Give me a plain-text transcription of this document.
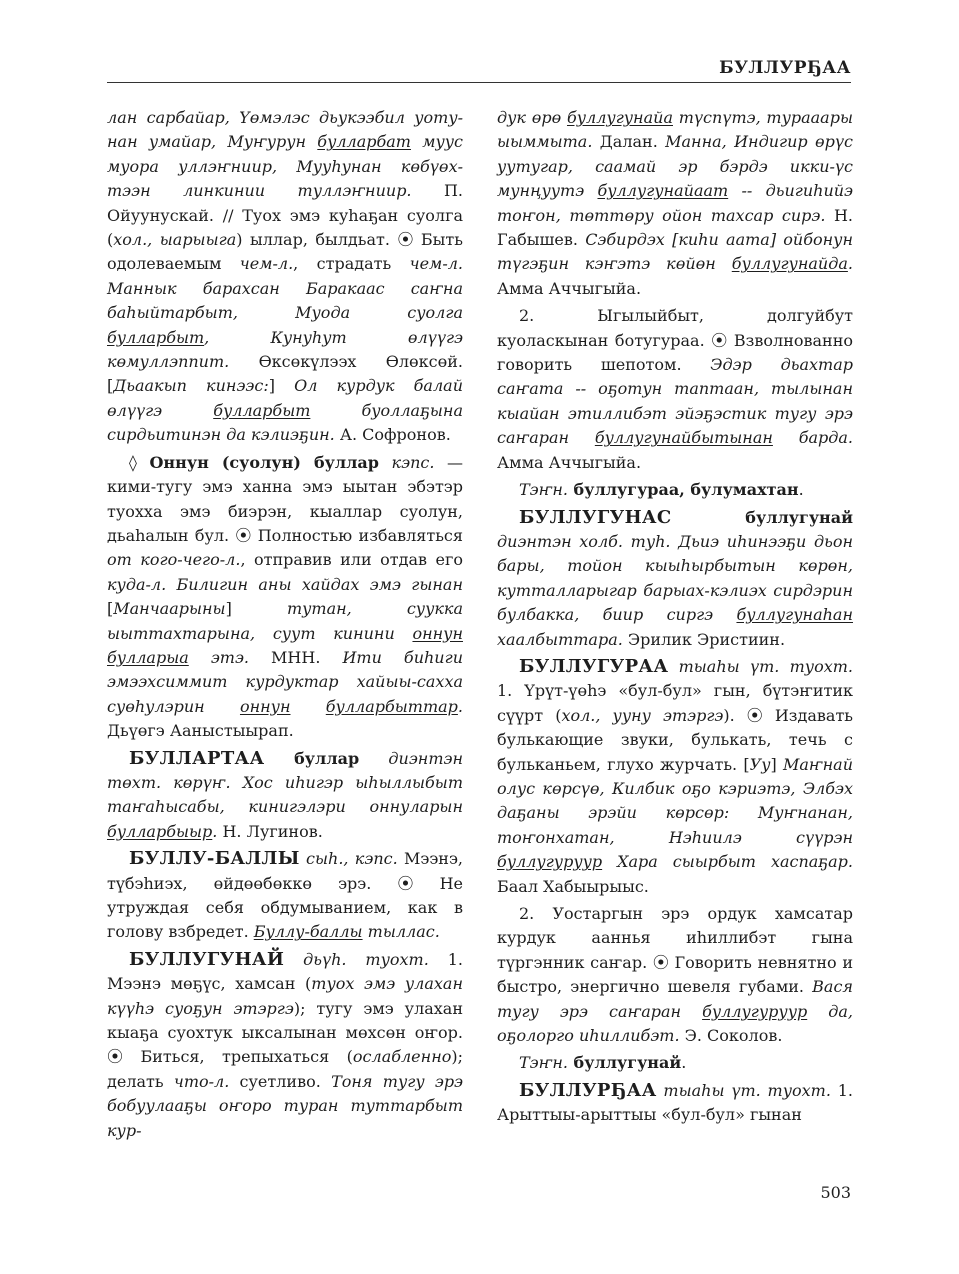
БУЛЛУРҔАА

лан сарбайар, Үөмэлэс дьукээбил уоту-нан умайар, Муҥурун булларбат муус муора уллэҥниир, Мууһунан көбүөх-тээн линкинии туллэҥниир. П. Ойуунускай. // Туох эмэ куһаҕан суолга (хол., ыарыыга) ыллар, былдьат. ⦿ Быть одолеваемым чем-л., страдать чем-л. Маннык барахсан Баракаас саҥна баһыйтарбыт, Муода суолга булларбыт, Кунуһут өлүүгэ көмуллэппит. Өксөкүлээх Өлөксөй. [Дьаакып кинээс:] Ол курдук балай өлүүгэ булларбыт буоллаҕына сирдьитинэн да кэлиэҕин. А. Софронов.

◊ Оннун (суолун) буллар кэпс. — кими-тугу эмэ ханна эмэ ыытан эбэтэр туохха эмэ биэрэн, кыаллар суолун, дьаһалын бул. ⦿ Полностью избавляться от кого-чего-л., отправив или отдав его куда-л. Билигин аны хайдах эмэ гынан [Манчаарыны] тутан, суукка ыыттахтарына, суут кинини оннун булларыа этэ. МНН. Ити биһиги эмээхсиммит курдуктар хайыы-сахха суөһулэрин оннун булларбыттар. Дьүөгэ Ааныстыырап.

БУЛЛАРТАА буллар диэнтэн төхт. көрүҥ. Хос иһигэр ыһыллыбыт таҥаһысабы, кинигэлэри оннуларын булларбыыр. Н. Лугинов.

БУЛЛУ-БАЛЛЫ сыһ., кэпс. Мээнэ, түбэһиэх, өйдөөбөккө эрэ. ⦿ Не утруждая себя обдумыванием, как в голову взбредет. Буллу-баллы тыллас.

БУЛЛУГУНАЙ дьүһ. туохт. 1. Мээнэ мөҕүс, хамсан (туох эмэ улахан күүһэ суоҕун этэргэ); тугу эмэ улахан кыаҕа суохтук ыксалынан мөхсөн оҥор. ⦿ Биться, трепыхаться (ослабленно); делать что-л. суетливо. Тоня тугу эрэ бобуулааҕы оҥоро туран туттарбыт кур-

дук өрө буллугунайа түспүтэ, турааары ыыммыта. Далан. Манна, Индигир өрүс уутугар, саамай эр бэрдэ икки-үс мунңуутэ буллугунайаат -- дьигиһийэ тоҥон, төттөру ойон тахсар сирэ. Н. Габышев. Сэбирдэх [киһи аата] ойбонун түгэҕин кэҥэтэ көйөн буллугунайда. Амма Аччыгыйа.

2. Ыгылыйбыт, долгуйбут куоласкынан ботугураа. ⦿ Взволнованно говорить шепотом. Эдэр дьахтар саҥата -- оҕотун таптаан, тылынан кыайан этиллибэт эйэҕэстик тугу эрэ саҥаран буллугунайбытынан барда. Амма Аччыгыйа.

Тэҥн. буллугураа, булумахтан.

БУЛЛУГУНАС буллугунай диэнтэн холб. туһ. Дьиэ иһинээҕи дьон бары, тойон кыыһырбытын көрөн, кутталларыгар барыах-кэлиэх сирдэрин булбакка, биир сиргэ буллугунаһан хаалбыттара. Эрилик Эристиин.

БУЛЛУГУРАА тыаһы үт. туохт. 1. Үрүт-үөһэ «бул-бул» гын, бүтэҥитик сүүрт (хол., ууну этэргэ). ⦿ Издавать булькающие звуки, булькать, течь с бульканьем, глухо журчать. [Уу] Маҥнай олус көрсүө, Килбик оҕо кэриэтэ, Элбэх даҕаны эрэйи көрсөр: Муҥнанан, тоҥонхатан, Нэһиилэ сүүрэн буллугуруур Хара сыырбыт хаспаҕар. Баал Хабыырыыс.

2. Уостаргын эрэ ордук хамсатар курдук ааннья иһиллибэт гына түргэнник саҥар. ⦿ Говорить невнятно и быстро, энергично шевеля губами. Вася тугу эрэ саҥаран буллугуруур да, оҕолорго иһиллибэт. Э. Соколов.

Тэҥн. буллугунай.

БУЛЛУРҔАА тыаһы үт. туохт. 1. Арыттыы-арыттыы «бул-бул» гынан

503
